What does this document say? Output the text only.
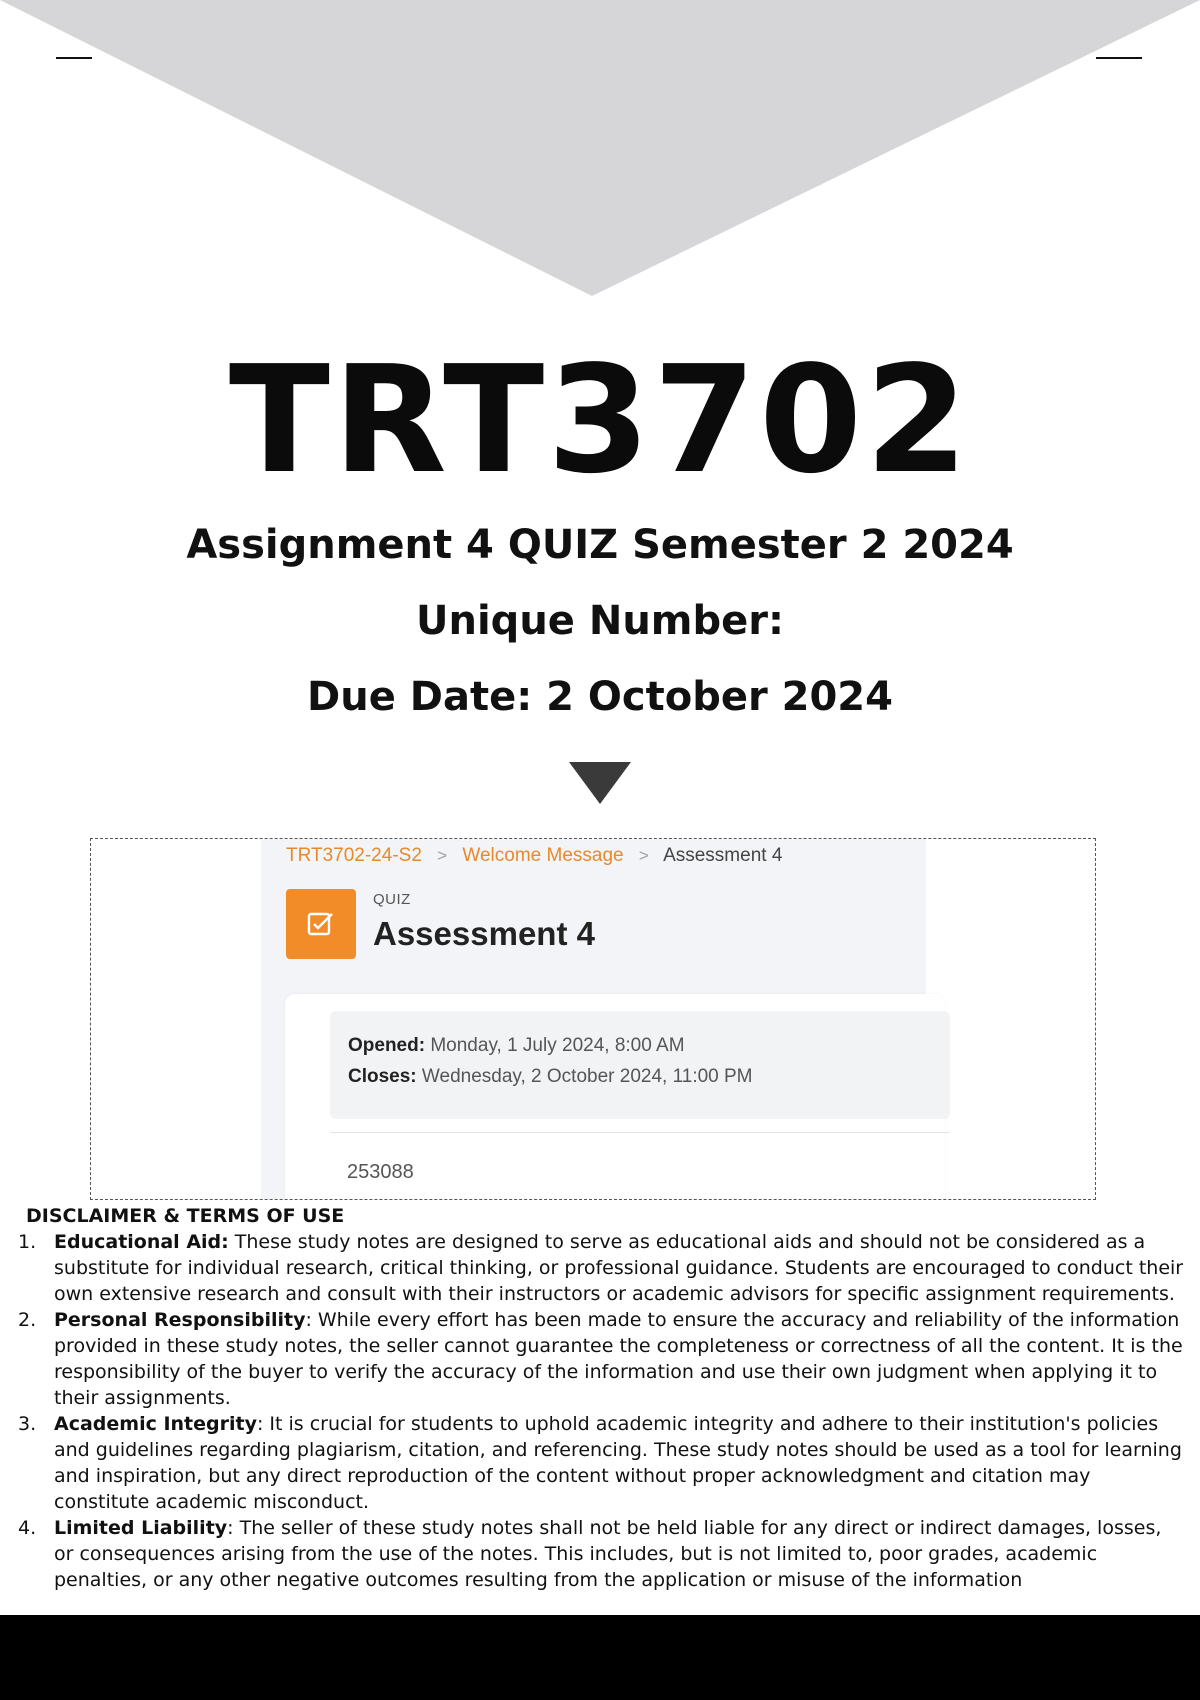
TRT3702
Assignment 4 QUIZ Semester 2 2024
Unique Number:
Due Date: 2 October 2024
TRT3702-24-S2 > Welcome Message > Assessment 4
QUIZ
Assessment 4
Opened: Monday, 1 July 2024, 8:00 AM
Closes: Wednesday, 2 October 2024, 11:00 PM
253088
DISCLAIMER & TERMS OF USE
1. Educational Aid: These study notes are designed to serve as educational aids and should not be considered as a substitute for individual research, critical thinking, or professional guidance. Students are encouraged to conduct their own extensive research and consult with their instructors or academic advisors for specific assignment requirements.
2. Personal Responsibility: While every effort has been made to ensure the accuracy and reliability of the information provided in these study notes, the seller cannot guarantee the completeness or correctness of all the content. It is the responsibility of the buyer to verify the accuracy of the information and use their own judgment when applying it to their assignments.
3. Academic Integrity: It is crucial for students to uphold academic integrity and adhere to their institution's policies and guidelines regarding plagiarism, citation, and referencing. These study notes should be used as a tool for learning and inspiration, but any direct reproduction of the content without proper acknowledgment and citation may constitute academic misconduct.
4. Limited Liability: The seller of these study notes shall not be held liable for any direct or indirect damages, losses, or consequences arising from the use of the notes. This includes, but is not limited to, poor grades, academic penalties, or any other negative outcomes resulting from the application or misuse of the information
